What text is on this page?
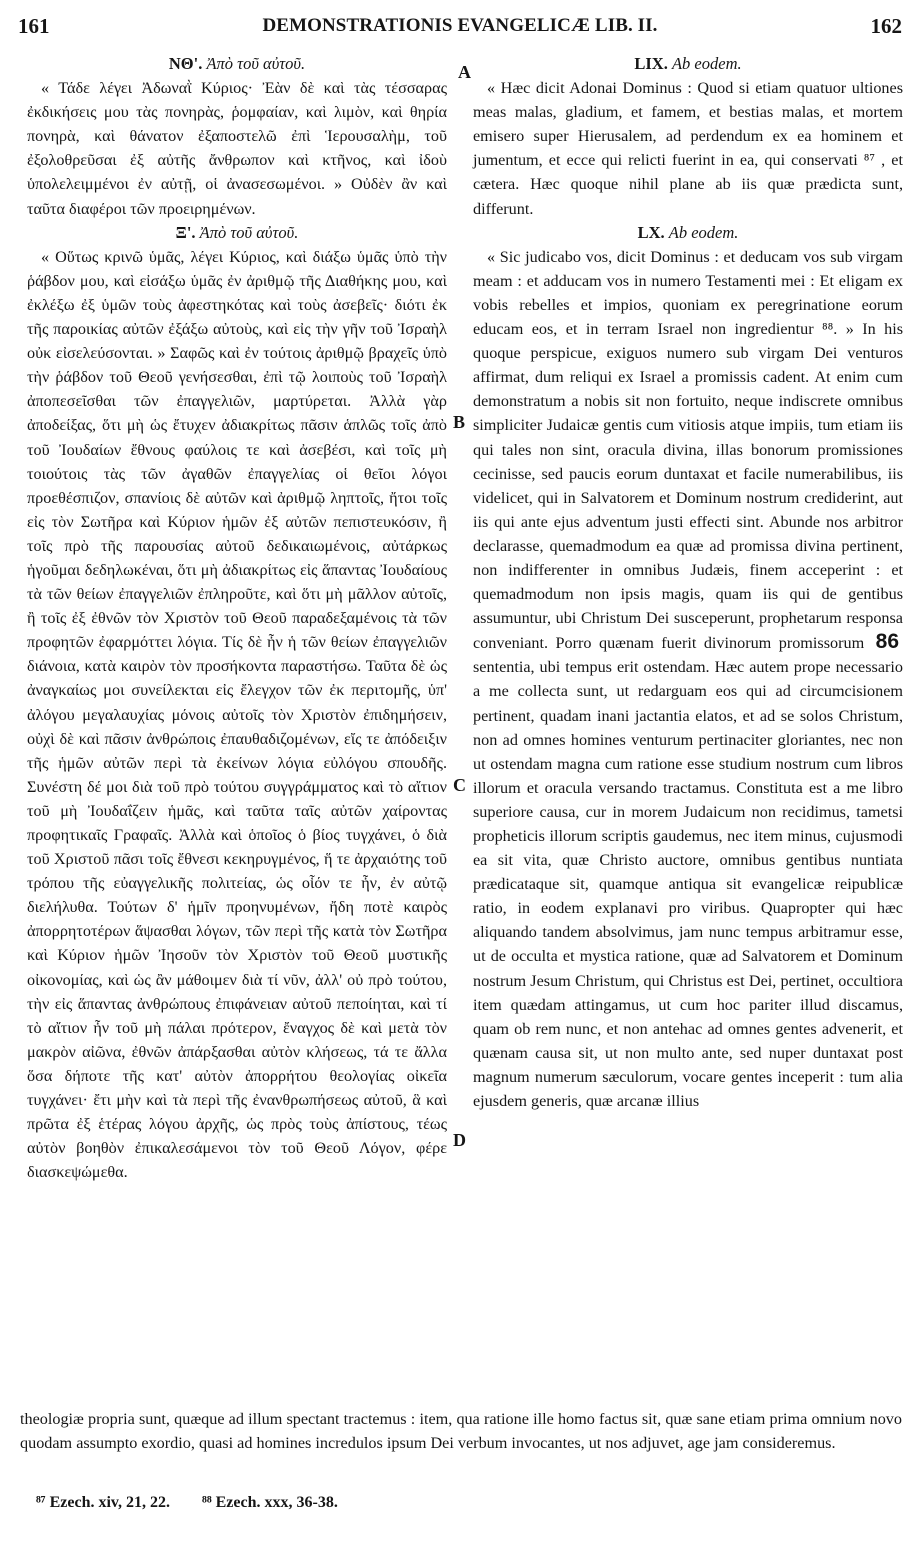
161	DEMONSTRATIONIS EVANGELICÆ LIB. II.	162

ΝΘ'. Ἀπὸ τοῦ αὐτοῦ.

« Τάδε λέγει Ἀδωναῒ Κύριος· Ἐὰν δὲ καὶ τὰς τέσσαρας ἐκδικήσεις μου τὰς πονηρὰς, ῥομφαίαν, καὶ λιμὸν, καὶ θηρία πονηρὰ, καὶ θάνατον ἐξαποστελῶ ἐπὶ Ἱερουσαλὴμ, τοῦ ἐξολοθρεῦσαι ἐξ αὐτῆς ἄνθρωπον καὶ κτῆνος, καὶ ἰδοὺ ὑπολελειμμένοι ἐν αὐτῇ, οἱ ἀνασεσωμένοι. » Οὐδὲν ἂν καὶ ταῦτα διαφέροι τῶν προειρημένων.

Ξ'. Ἀπὸ τοῦ αὐτοῦ.

« Οὕτως κρινῶ ὑμᾶς, λέγει Κύριος, καὶ διάξω ὑμᾶς ὑπὸ τὴν ῥάβδον μου, καὶ εἰσάξω ὑμᾶς ἐν ἀριθμῷ τῆς Διαθήκης μου, καὶ ἐκλέξω ἐξ ὑμῶν τοὺς ἀφεστηκότας καὶ τοὺς ἀσεβεῖς· διότι ἐκ τῆς παροικίας αὐτῶν ἐξάξω αὐτοὺς, καὶ εἰς τὴν γῆν τοῦ Ἰσραὴλ οὐκ εἰσελεύσονται. » Σαφῶς καὶ ἐν τούτοις ἀριθμῷ βραχεῖς ὑπὸ τὴν ῥάβδον τοῦ Θεοῦ γενήσεσθαι, ἐπὶ τῷ λοιποὺς τοῦ Ἰσραὴλ ἀποπεσεῖσθαι τῶν ἐπαγγελιῶν, μαρτύρεται. Ἀλλὰ γὰρ ἀποδείξας, ὅτι μὴ ὡς ἔτυχεν ἀδιακρίτως πᾶσιν ἁπλῶς τοῖς ἀπὸ τοῦ Ἰουδαίων ἔθνους φαύλοις τε καὶ ἀσεβέσι, καὶ τοῖς μὴ τοιούτοις τὰς τῶν ἀγαθῶν ἐπαγγελίας οἱ θεῖοι λόγοι προεθέσπιζον, σπανίοις δὲ αὐτῶν καὶ ἀριθμῷ ληπτοῖς, ἤτοι τοῖς εἰς τὸν Σωτῆρα καὶ Κύριον ἡμῶν ἐξ αὐτῶν πεπιστευκόσιν, ἢ τοῖς πρὸ τῆς παρουσίας αὐτοῦ δεδικαιωμένοις, αὐτάρκως ἡγοῦμαι δεδηλωκέναι, ὅτι μὴ ἀδιακρίτως εἰς ἅπαντας Ἰουδαίους τὰ τῶν θείων ἐπαγγελιῶν ἐπληροῦτε, καὶ ὅτι μὴ μᾶλλον αὐτοῖς, ἢ τοῖς ἐξ ἐθνῶν τὸν Χριστὸν τοῦ Θεοῦ παραδεξαμένοις τὰ τῶν προφητῶν ἐφαρμόττει λόγια. Τίς δὲ ἦν ἡ τῶν θείων ἐπαγγελιῶν διάνοια, κατὰ καιρὸν τὸν προσήκοντα παραστήσω. Ταῦτα δὲ ὡς ἀναγκαίως μοι συνείλεκται εἰς ἔλεγχον τῶν ἐκ περιτομῆς, ὑπ' ἀλόγου μεγαλαυχίας μόνοις αὐτοῖς τὸν Χριστὸν ἐπιδημήσειν, οὐχὶ δὲ καὶ πᾶσιν ἀνθρώποις ἐπαυθαδιζομένων, εἴς τε ἀπόδειξιν τῆς ἡμῶν αὐτῶν περὶ τὰ ἐκείνων λόγια εὐλόγου σπουδῆς. Συνέστη δέ μοι διὰ τοῦ πρὸ τούτου συγγράμματος καὶ τὸ αἴτιον τοῦ μὴ Ἰουδαΐζειν ἡμᾶς, καὶ ταῦτα ταῖς αὐτῶν χαίροντας προφητικαῖς Γραφαῖς. Ἀλλὰ καὶ ὁποῖος ὁ βίος τυγχάνει, ὁ διὰ τοῦ Χριστοῦ πᾶσι τοῖς ἔθνεσι κεκηρυγμένος, ἥ τε ἀρχαιότης τοῦ τρόπου τῆς εὐαγγελικῆς πολιτείας, ὡς οἷόν τε ἦν, ἐν αὐτῷ διελήλυθα. Τούτων δ' ἡμῖν προηνυμένων, ἤδη ποτὲ καιρὸς ἀπορρητοτέρων ἅψασθαι λόγων, τῶν περὶ τῆς κατὰ τὸν Σωτῆρα καὶ Κύριον ἡμῶν Ἰησοῦν τὸν Χριστὸν τοῦ Θεοῦ μυστικῆς οἰκονομίας, καὶ ὡς ἂν μάθοιμεν διὰ τί νῦν, ἀλλ' οὐ πρὸ τούτου, τὴν εἰς ἅπαντας ἀνθρώπους ἐπιφάνειαν αὐτοῦ πεποίηται, καὶ τί τὸ αἴτιον ἦν τοῦ μὴ πάλαι πρότερον, ἔναγχος δὲ καὶ μετὰ τὸν μακρὸν αἰῶνα, ἐθνῶν ἀπάρξασθαι αὐτὸν κλήσεως, τά τε ἄλλα ὅσα δήποτε τῆς κατ' αὐτὸν ἀπορρήτου θεολογίας οἰκεῖα τυγχάνει· ἔτι μὴν καὶ τὰ περὶ τῆς ἐνανθρωπήσεως αὐτοῦ, ἃ καὶ πρῶτα ἐξ ἑτέρας λόγου ἀρχῆς, ὡς πρὸς τοὺς ἀπίστους, τέως αὐτὸν βοηθὸν ἐπικαλεσάμενοι τὸν τοῦ Θεοῦ Λόγον, φέρε διασκεψώμεθα.

A
B
C
D

LIX. Ab eodem.

« Hæc dicit Adonai Dominus : Quod si etiam quatuor ultiones meas malas, gladium, et famem, et bestias malas, et mortem emisero super Hierusalem, ad perdendum ex ea hominem et jumentum, et ecce qui relicti fuerint in ea, qui conservati ⁸⁷ , et cætera. Hæc quoque nihil plane ab iis quæ prædicta sunt, differunt.

LX. Ab eodem.

« Sic judicabo vos, dicit Dominus : et deducam vos sub virgam meam : et adducam vos in numero Testamenti mei : Et eligam ex vobis rebelles et impios, quoniam ex peregrinatione eorum educam eos, et in terram Israel non ingredientur ⁸⁸. » In his quoque perspicue, exiguos numero sub virgam Dei venturos affirmat, dum reliqui ex Israel a promissis cadent. At enim cum demonstratum a nobis sit non fortuito, neque indiscrete omnibus simpliciter Judaicæ gentis cum vitiosis atque impiis, tum etiam iis qui tales non sint, oracula divina, illas bonorum promissiones cecinisse, sed paucis eorum duntaxat et facile numerabilibus, iis videlicet, qui in Salvatorem et Dominum nostrum crediderint, aut iis qui ante ejus adventum justi effecti sint. Abunde nos arbitror declarasse, quemadmodum ea quæ ad promissa divina pertinent, non indifferenter in omnibus Judæis, finem acceperint : et quemadmodum non ipsis magis, quam iis qui de gentibus assumuntur, ubi Christum Dei susceperunt, prophetarum responsa conveniant. Porro quænam fuerit divinorum promissorum 86 sententia, ubi tempus erit ostendam. Hæc autem prope necessario a me collecta sunt, ut redarguam eos qui ad circumcisionem pertinent, quadam inani jactantia elatos, et ad se solos Christum, non ad omnes homines venturum pertinaciter gloriantes, nec non ut ostendam magna cum ratione esse studium nostrum cum libros illorum et oracula versando tractamus. Constituta est a me libro superiore causa, cur in morem Judaicum non recidimus, tametsi propheticis illorum scriptis gaudemus, nec item minus, cujusmodi ea sit vita, quæ Christo auctore, omnibus gentibus nuntiata prædicataque sit, quamque antiqua sit evangelicæ reipublicæ ratio, in eodem explanavi pro viribus. Quapropter qui hæc aliquando tandem absolvimus, jam nunc tempus arbitramur esse, ut de occulta et mystica ratione, quæ ad Salvatorem et Dominum nostrum Jesum Christum, qui Christus est Dei, pertinet, occultiora item quædam attingamus, ut cum hoc pariter illud discamus, quam ob rem nunc, et non antehac ad omnes gentes advenerit, et quænam causa sit, ut non multo ante, sed nuper duntaxat post magnum numerum sæculorum, vocare gentes inceperit : tum alia ejusdem generis, quæ arcanæ illius

theologiæ propria sunt, quæque ad illum spectant tractemus : item, qua ratione ille homo factus sit, quæ sane etiam prima omnium novo quodam assumpto exordio, quasi ad homines incredulos ipsum Dei verbum invocantes, ut nos adjuvet, age jam consideremus.

⁸⁷ Ezech. xiv, 21, 22. ⁸⁸ Ezech. xxx, 36-38.
